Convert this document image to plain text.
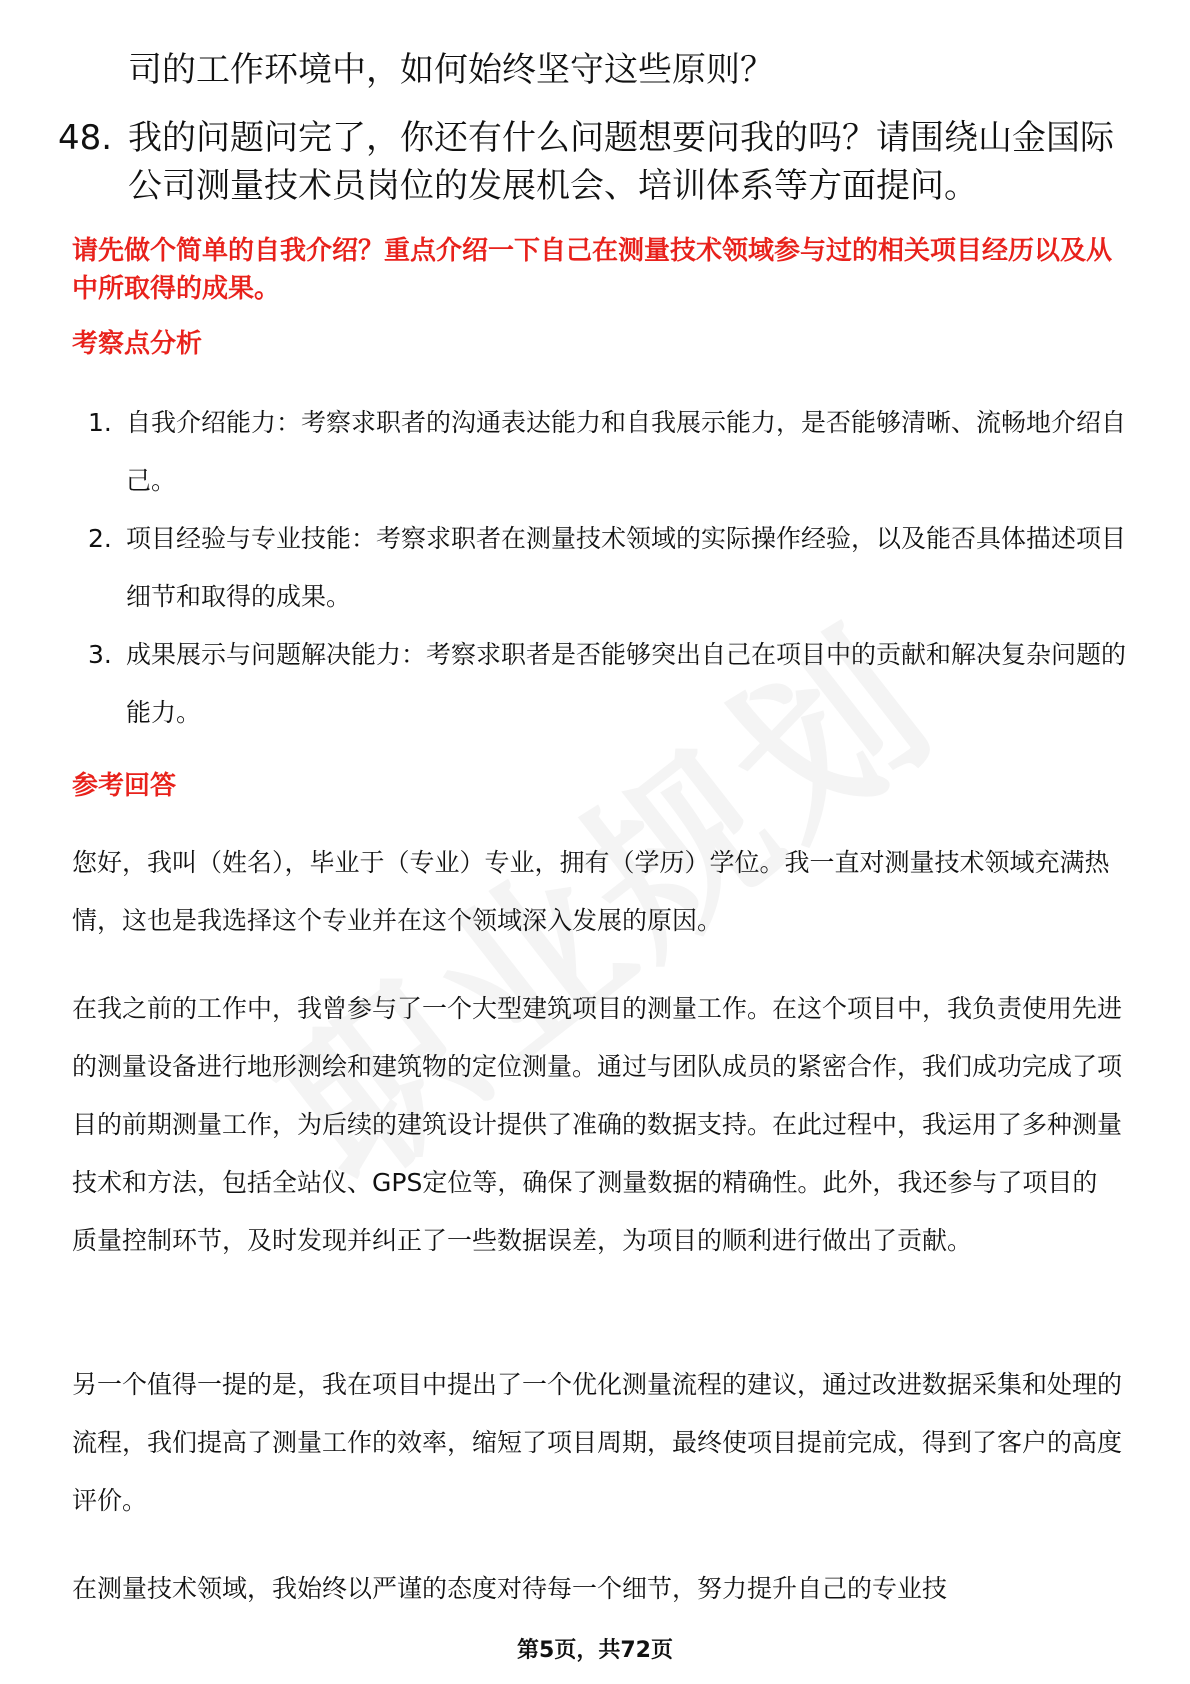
司的工作环境中，如何始终坚守这些原则？
48. 我的问题问完了，你还有什么问题想要问我的吗？请围绕山金国际公司测量技术员岗位的发展机会、培训体系等方面提问。
请先做个简单的自我介绍？重点介绍一下自己在测量技术领域参与过的相关项目经历以及从中所取得的成果。
考察点分析
1. 自我介绍能力：考察求职者的沟通表达能力和自我展示能力，是否能够清晰、流畅地介绍自己。
2. 项目经验与专业技能：考察求职者在测量技术领域的实际操作经验，以及能否具体描述项目细节和取得的成果。
3. 成果展示与问题解决能力：考察求职者是否能够突出自己在项目中的贡献和解决复杂问题的能力。
参考回答
您好，我叫（姓名），毕业于（专业）专业，拥有（学历）学位。我一直对测量技术领域充满热情，这也是我选择这个专业并在这个领域深入发展的原因。
在我之前的工作中，我曾参与了一个大型建筑项目的测量工作。在这个项目中，我负责使用先进的测量设备进行地形测绘和建筑物的定位测量。通过与团队成员的紧密合作，我们成功完成了项目的前期测量工作，为后续的建筑设计提供了准确的数据支持。在此过程中，我运用了多种测量技术和方法，包括全站仪、GPS定位等，确保了测量数据的精确性。此外，我还参与了项目的质量控制环节，及时发现并纠正了一些数据误差，为项目的顺利进行做出了贡献。
另一个值得一提的是，我在项目中提出了一个优化测量流程的建议，通过改进数据采集和处理的流程，我们提高了测量工作的效率，缩短了项目周期，最终使项目提前完成，得到了客户的高度评价。
在测量技术领域，我始终以严谨的态度对待每一个细节，努力提升自己的专业技
第5页，共72页
